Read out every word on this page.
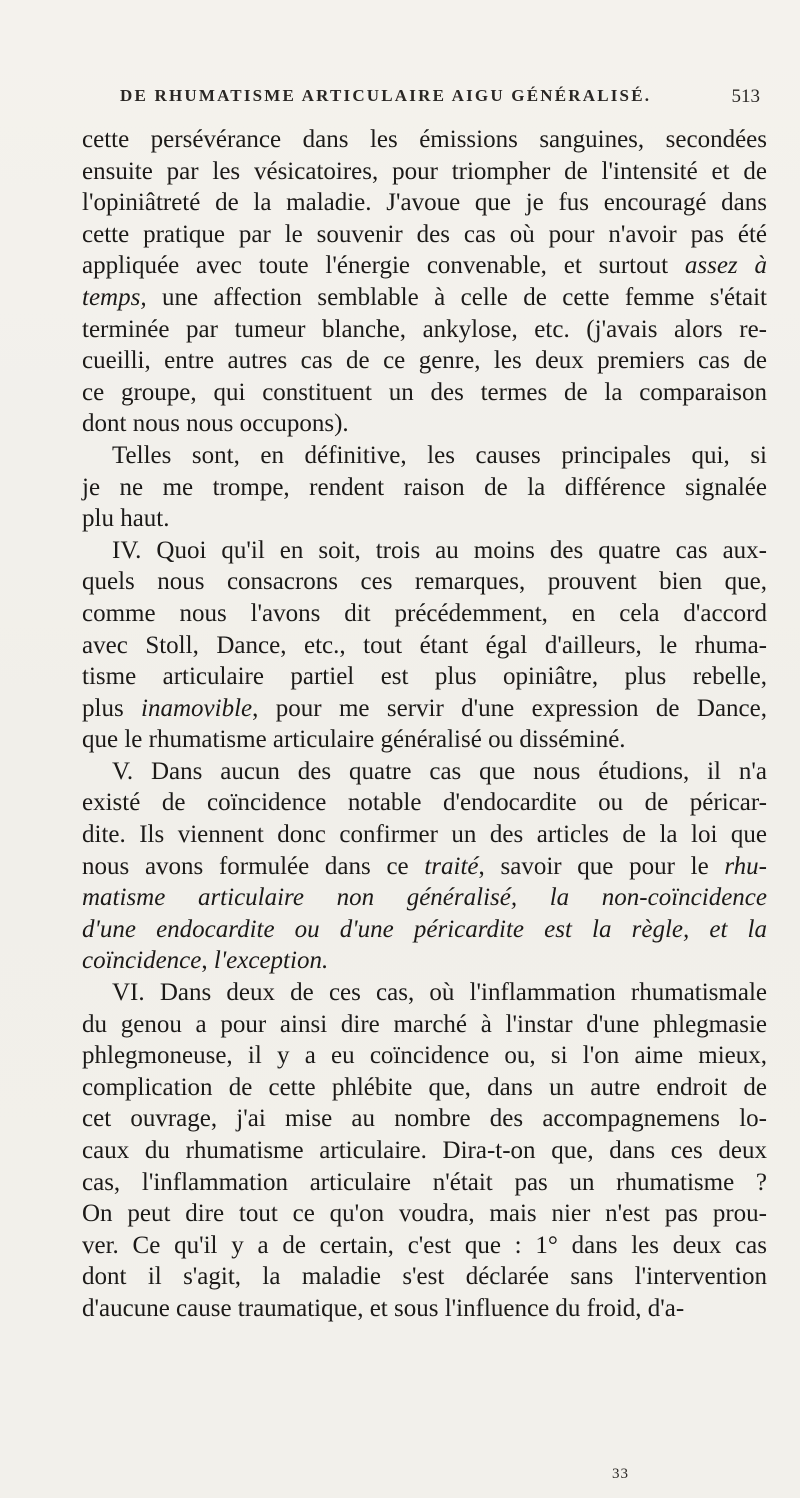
DE RHUMATISME ARTICULAIRE AIGU GÉNÉRALISÉ.	513
cette persévérance dans les émissions sanguines, secondées
ensuite par les vésicatoires, pour triompher de l'intensité et de
l'opiniâtreté de la maladie. J'avoue que je fus encouragé dans
cette pratique par le souvenir des cas où pour n'avoir pas été
appliquée avec toute l'énergie convenable, et surtout assez à
temps, une affection semblable à celle de cette femme s'était
terminée par tumeur blanche, ankylose, etc. (j'avais alors re-
cueilli, entre autres cas de ce genre, les deux premiers cas de
ce groupe, qui constituent un des termes de la comparaison
dont nous nous occupons).
Telles sont, en définitive, les causes principales qui, si
je ne me trompe, rendent raison de la différence signalée
plu haut.
IV. Quoi qu'il en soit, trois au moins des quatre cas aux-
quels nous consacrons ces remarques, prouvent bien que,
comme nous l'avons dit précédemment, en cela d'accord
avec Stoll, Dance, etc., tout étant égal d'ailleurs, le rhuma-
tisme articulaire partiel est plus opiniâtre, plus rebelle,
plus inamovible, pour me servir d'une expression de Dance,
que le rhumatisme articulaire généralisé ou disséminé.
V. Dans aucun des quatre cas que nous étudions, il n'a
existé de coïncidence notable d'endocardite ou de péricar-
dite. Ils viennent donc confirmer un des articles de la loi que
nous avons formulée dans ce traité, savoir que pour le rhu-
matisme articulaire non généralisé, la non-coïncidence
d'une endocardite ou d'une péricardite est la règle, et la
coïncidence, l'exception.
VI. Dans deux de ces cas, où l'inflammation rhumatismale
du genou a pour ainsi dire marché à l'instar d'une phlegmasie
phlegmoneuse, il y a eu coïncidence ou, si l'on aime mieux,
complication de cette phlébite que, dans un autre endroit de
cet ouvrage, j'ai mise au nombre des accompagnemens lo-
caux du rhumatisme articulaire. Dira-t-on que, dans ces deux
cas, l'inflammation articulaire n'était pas un rhumatisme ?
On peut dire tout ce qu'on voudra, mais nier n'est pas prou-
ver. Ce qu'il y a de certain, c'est que : 1° dans les deux cas
dont il s'agit, la maladie s'est déclarée sans l'intervention
d'aucune cause traumatique, et sous l'influence du froid, d'a-
33
